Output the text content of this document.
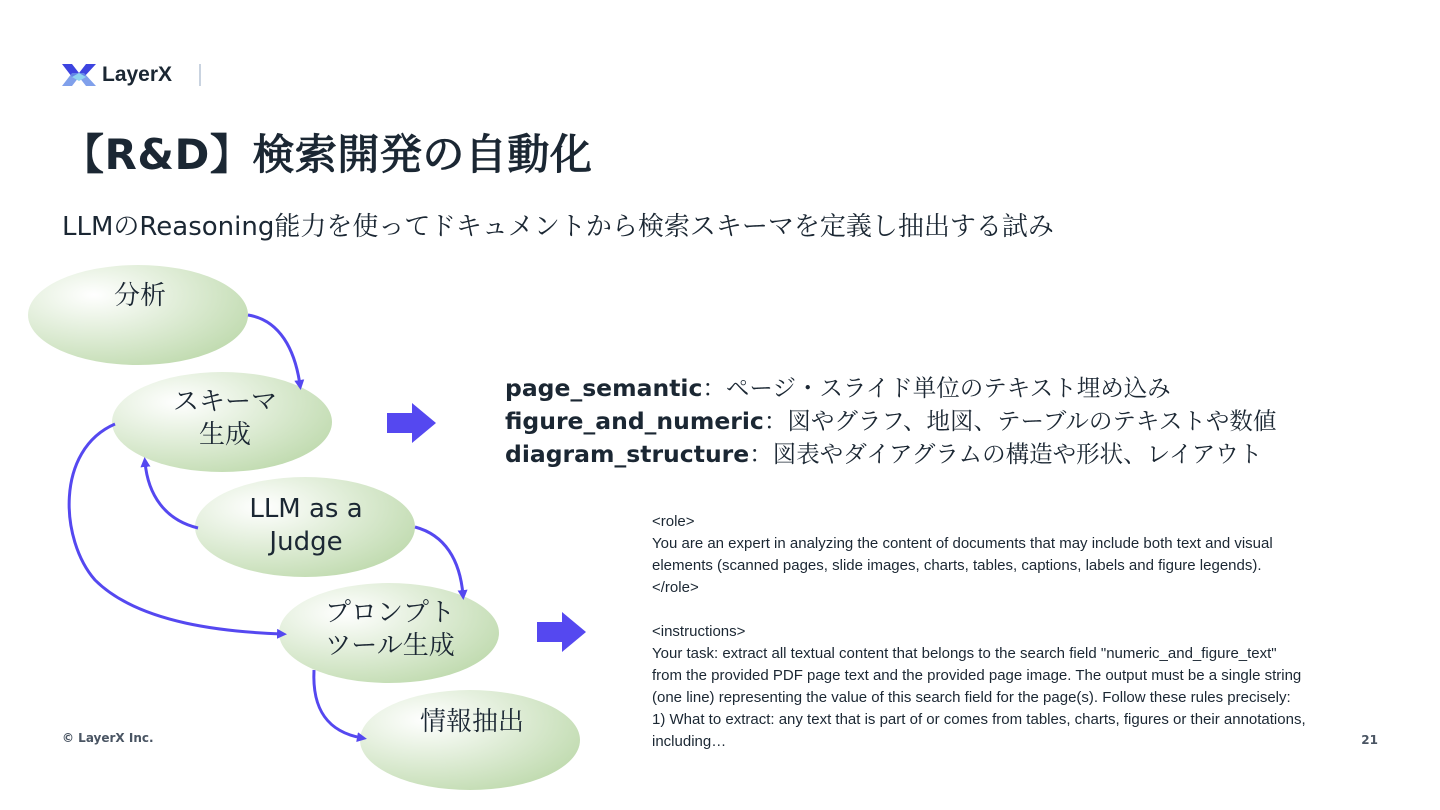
LayerX
【R&D】検索開発の自動化
LLMのReasoning能力を使ってドキュメントから検索スキーマを定義し抽出する試み
分析
スキーマ
生成
LLM as a
Judge
プロンプト
ツール生成
情報抽出
page_semantic：ページ・スライド単位のテキスト埋め込み
figure_and_numeric：図やグラフ、地図、テーブルのテキストや数値
diagram_structure：図表やダイアグラムの構造や形状、レイアウト
<role>
You are an expert in analyzing the content of documents that may include both text and visual
elements (scanned pages, slide images, charts, tables, captions, labels and figure legends).
</role>

<instructions>
Your task: extract all textual content that belongs to the search field "numeric_and_figure_text"
from the provided PDF page text and the provided page image. The output must be a single string
(one line) representing the value of this search field for the page(s). Follow these rules precisely:
1) What to extract: any text that is part of or comes from tables, charts, figures or their annotations,
including…
© LayerX Inc.	21
